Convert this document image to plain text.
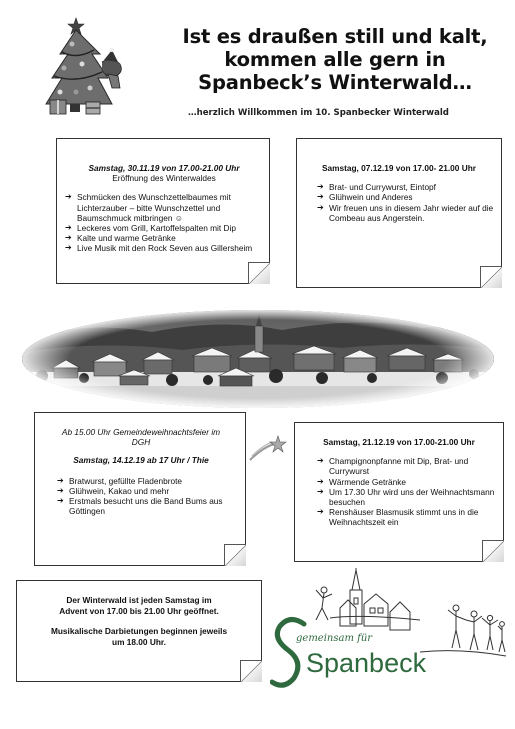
Ist es draußen still und kalt,
kommen alle gern in
Spanbeck’s Winterwald…
…herzlich Willkommen im 10. Spanbecker Winterwald
Samstag, 30.11.19 von 17.00-21.00 Uhr
Eröffnung des Winterwaldes
➔ Schmücken des Wunschzettelbaumes mit Lichterzauber – bitte Wunschzettel und Baumschmuck mitbringen ☺
➔ Leckeres vom Grill, Kartoffelspalten mit Dip
➔ Kalte und warme Getränke
➔ Live Musik mit den Rock Seven aus Gillersheim
Samstag, 07.12.19 von 17.00- 21.00 Uhr
➔ Brat- und Currywurst, Eintopf
➔ Glühwein und Anderes
➔ Wir freuen uns in diesem Jahr wieder auf die Combeau aus Angerstein.
Ab 15.00 Uhr Gemeindeweihnachtsfeier im DGH
Samstag, 14.12.19 ab 17 Uhr / Thie
➔ Bratwurst, gefüllte Fladenbrote
➔ Glühwein, Kakao und mehr
➔ Erstmals besucht uns die Band Bums aus Göttingen
Samstag, 21.12.19 von 17.00-21.00 Uhr
➔ Champignonpfanne mit Dip, Brat- und Currywurst
➔ Wärmende Getränke
➔ Um 17.30 Uhr wird uns der Weihnachtsmann besuchen
➔ Renshäuser Blasmusik stimmt uns in die Weihnachtszeit ein
Der Winterwald ist jeden Samstag im Advent von 17.00 bis 21.00 Uhr geöffnet.
Musikalische Darbietungen beginnen jeweils um 18.00 Uhr.	gemeinsam für
Spanbeck
